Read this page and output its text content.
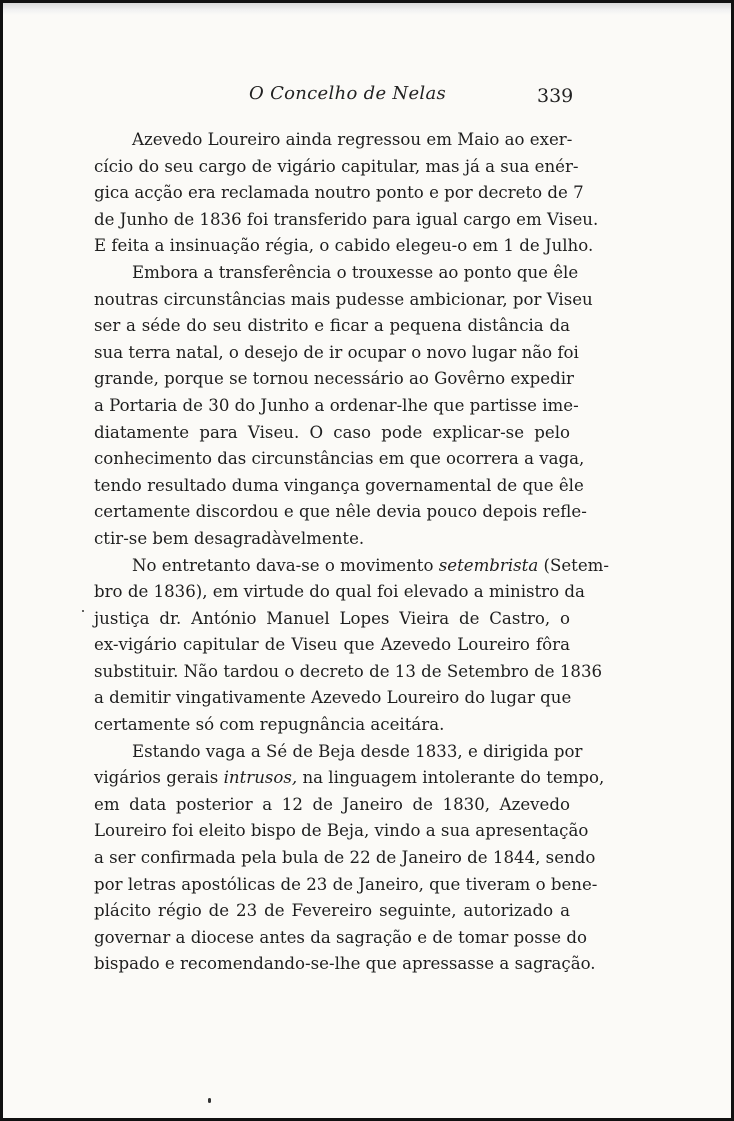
O Concelho de Nelas	339
Azevedo Loureiro ainda regressou em Maio ao exer-
cício do seu cargo de vigário capitular, mas já a sua enér-
gica acção era reclamada noutro ponto e por decreto de 7
de Junho de 1836 foi transferido para igual cargo em Viseu.
E feita a insinuação régia, o cabido elegeu-o em 1 de Julho.
Embora a transferência o trouxesse ao ponto que êle
noutras circunstâncias mais pudesse ambicionar, por Viseu
ser a séde do seu distrito e ficar a pequena distância da
sua terra natal, o desejo de ir ocupar o novo lugar não foi
grande, porque se tornou necessário ao Govêrno expedir
a Portaria de 30 do Junho a ordenar-lhe que partisse ime-
diatamente para Viseu. O caso pode explicar-se pelo
conhecimento das circunstâncias em que ocorrera a vaga,
tendo resultado duma vingança governamental de que êle
certamente discordou e que nêle devia pouco depois refle-
ctir-se bem desagradàvelmente.
No entretanto dava-se o movimento setembrista (Setem-
bro de 1836), em virtude do qual foi elevado a ministro da
justiça dr. António Manuel Lopes Vieira de Castro, o
ex-vigário capitular de Viseu que Azevedo Loureiro fôra
substituir. Não tardou o decreto de 13 de Setembro de 1836
a demitir vingativamente Azevedo Loureiro do lugar que
certamente só com repugnância aceitára.
Estando vaga a Sé de Beja desde 1833, e dirigida por
vigários gerais intrusos, na linguagem intolerante do tempo,
em data posterior a 12 de Janeiro de 1830, Azevedo
Loureiro foi eleito bispo de Beja, vindo a sua apresentação
a ser confirmada pela bula de 22 de Janeiro de 1844, sendo
por letras apostólicas de 23 de Janeiro, que tiveram o bene-
plácito régio de 23 de Fevereiro seguinte, autorizado a
governar a diocese antes da sagração e de tomar posse do
bispado e recomendando-se-lhe que apressasse a sagração.
